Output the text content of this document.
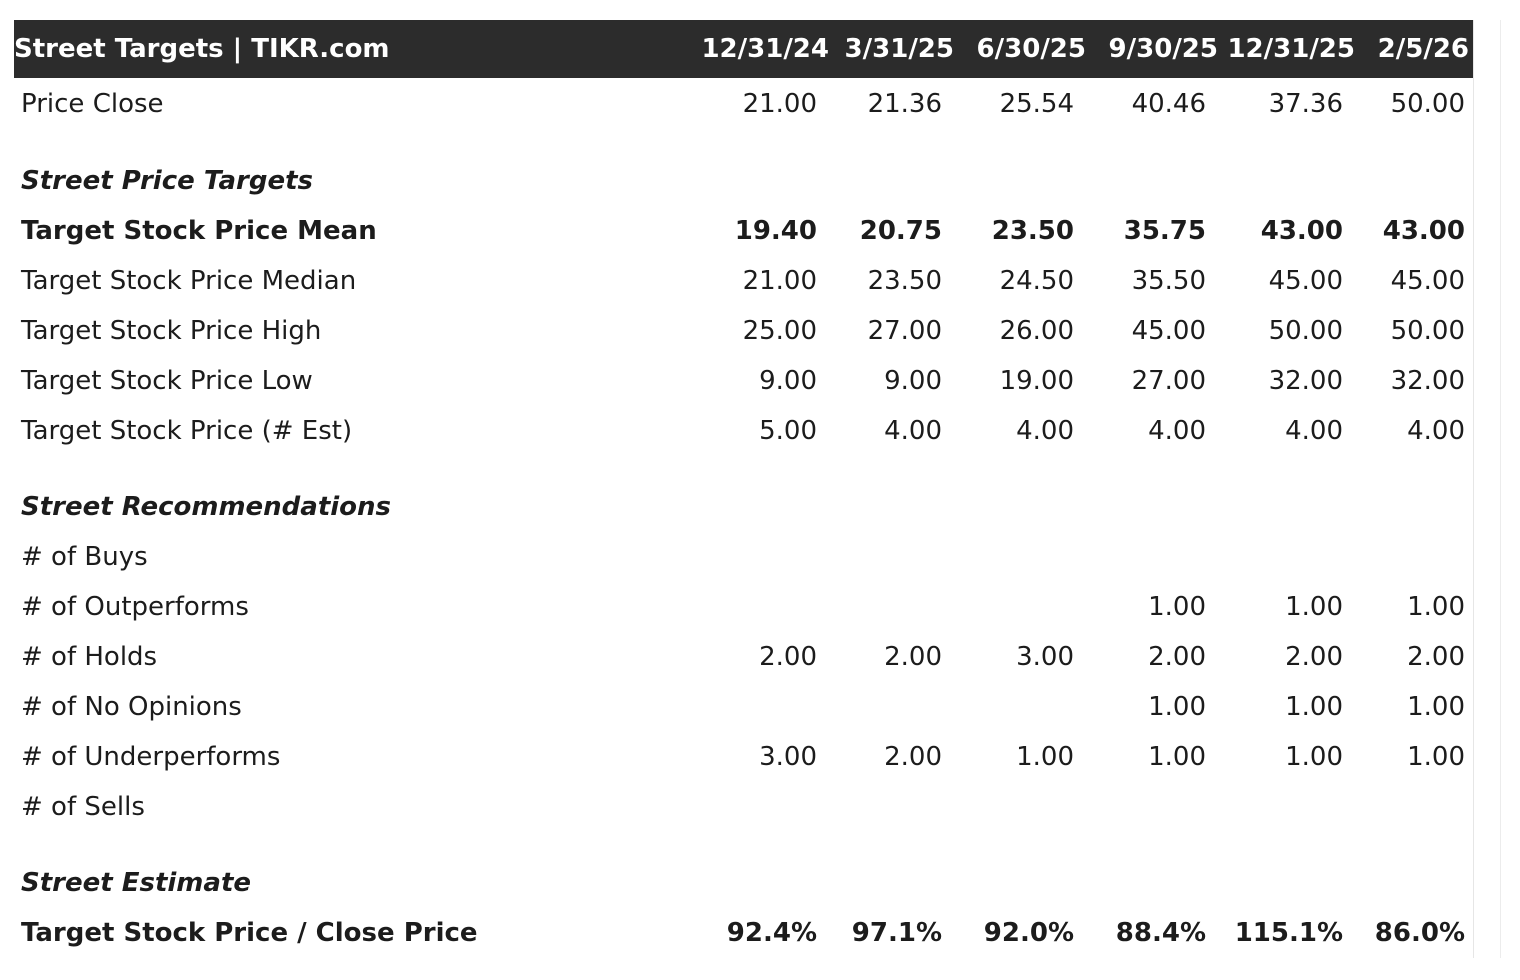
Street Targets | TIKR.com	12/31/24	3/31/25	6/30/25	9/30/25	12/31/25	2/5/26
Price Close	21.00	21.36	25.54	40.46	37.36	50.00

Street Price Targets						
Target Stock Price Mean	19.40	20.75	23.50	35.75	43.00	43.00
Target Stock Price Median	21.00	23.50	24.50	35.50	45.00	45.00
Target Stock Price High	25.00	27.00	26.00	45.00	50.00	50.00
Target Stock Price Low	9.00	9.00	19.00	27.00	32.00	32.00
Target Stock Price (# Est)	5.00	4.00	4.00	4.00	4.00	4.00

Street Recommendations						
# of Buys						
# of Outperforms				1.00	1.00	1.00
# of Holds	2.00	2.00	3.00	2.00	2.00	2.00
# of No Opinions				1.00	1.00	1.00
# of Underperforms	3.00	2.00	1.00	1.00	1.00	1.00
# of Sells						

Street Estimate						
Target Stock Price / Close Price	92.4%	97.1%	92.0%	88.4%	115.1%	86.0%
